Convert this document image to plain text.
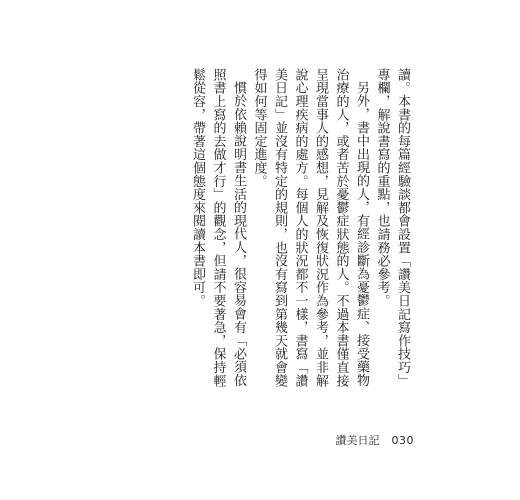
讀。本書的每篇經驗談都會設置「讚美日記寫作技巧」專欄，解說書寫的重點，也請務必參考。

另外，書中出現的人，有經診斷為憂鬱症、接受藥物治療的人，或者苦於憂鬱症狀態的人。不過本書僅直接呈現當事人的感想，見解及恢復狀況作為參考，並非解說心理疾病的處方。每個人的狀況都不一樣，書寫「讚美日記」並沒有特定的規則，也沒有寫到第幾天就會變得如何等固定進度。

慣於依賴說明書生活的現代人，很容易會有「必須依照書上寫的去做才行」的觀念，但請不要著急，保持輕鬆從容，帶著這個態度來閱讀本書即可。

讚美日記 030
